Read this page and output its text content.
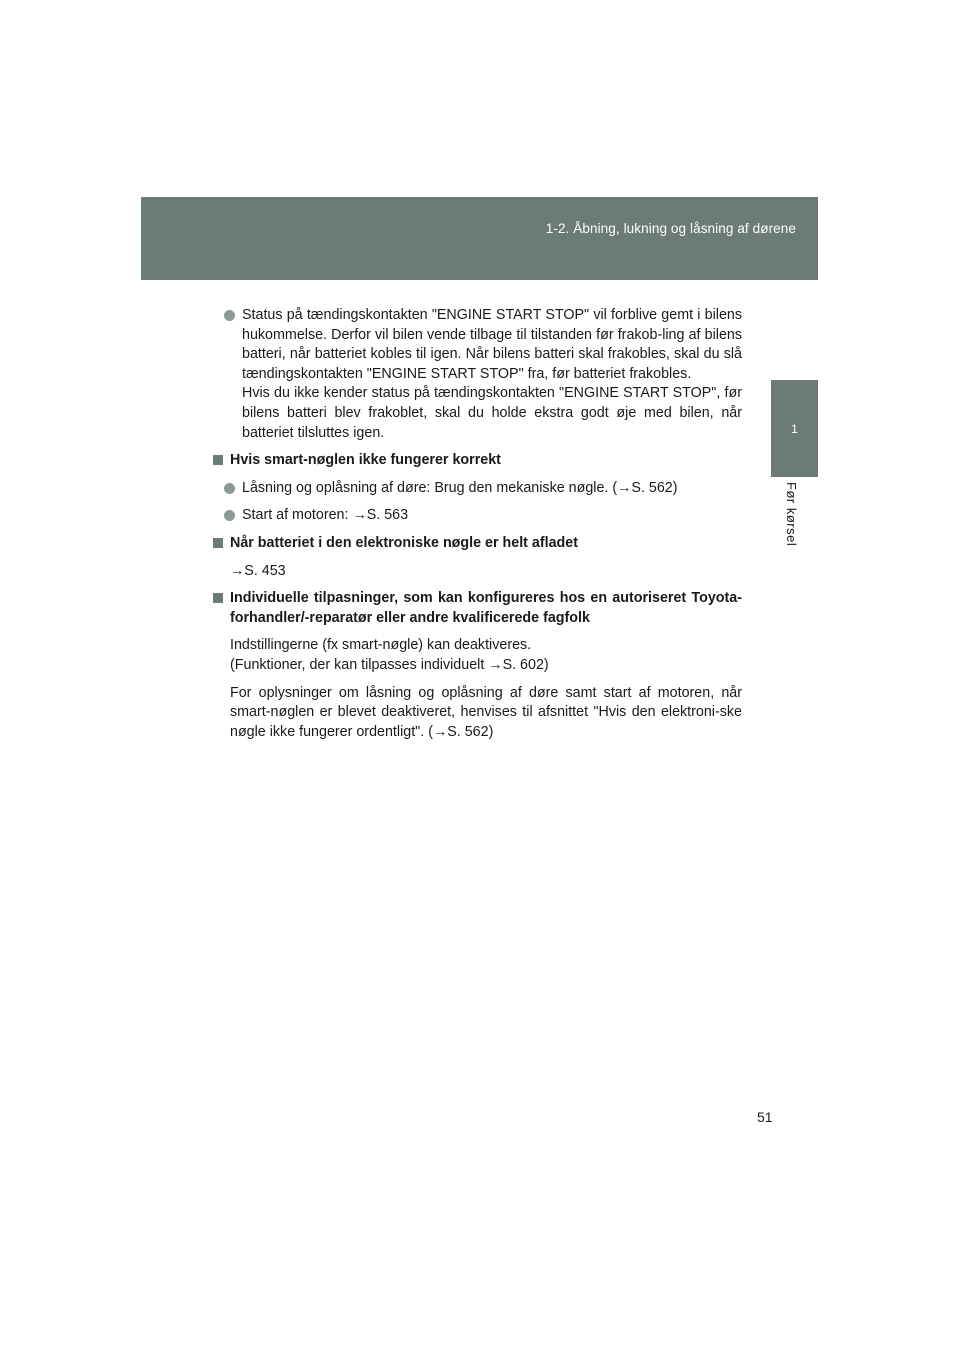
1-2. Åbning, lukning og låsning af dørene
1
Før kørsel

Status på tændingskontakten "ENGINE START STOP" vil forblive gemt i bilens hukommelse. Derfor vil bilen vende tilbage til tilstanden før frakob-ling af bilens batteri, når batteriet kobles til igen. Når bilens batteri skal frakobles, skal du slå tændingskontakten "ENGINE START STOP" fra, før batteriet frakobles.

Hvis du ikke kender status på tændingskontakten "ENGINE START STOP", før bilens batteri blev frakoblet, skal du holde ekstra godt øje med bilen, når batteriet tilsluttes igen.

Hvis smart-nøglen ikke fungerer korrekt

Låsning og oplåsning af døre: Brug den mekaniske nøgle. (→S. 562)

Start af motoren: →S. 563

Når batteriet i den elektroniske nøgle er helt afladet

→S. 453

Individuelle tilpasninger, som kan konfigureres hos en autoriseret Toyota-forhandler/-reparatør eller andre kvalificerede fagfolk

Indstillingerne (fx smart-nøgle) kan deaktiveres.

(Funktioner, der kan tilpasses individuelt →S. 602)

For oplysninger om låsning og oplåsning af døre samt start af motoren, når smart-nøglen er blevet deaktiveret, henvises til afsnittet "Hvis den elektroni-ske nøgle ikke fungerer ordentligt". (→S. 562)

51
